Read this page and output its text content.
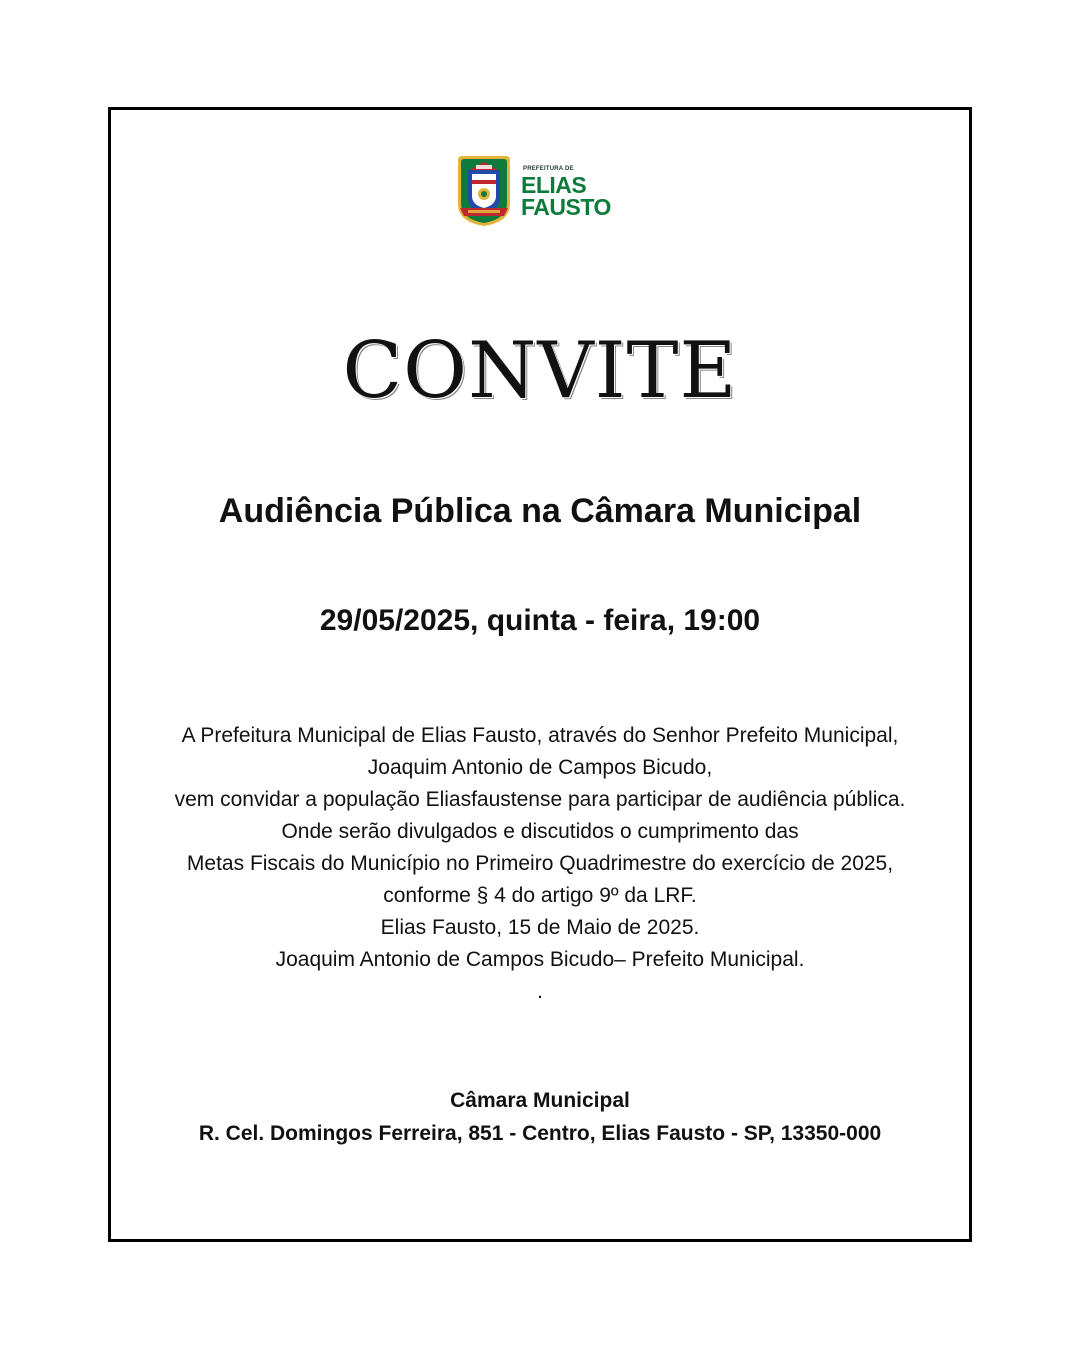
PREFEITURA DE
ELIAS
FAUSTO
CONVITE
Audiência Pública na Câmara Municipal
29/05/2025, quinta - feira, 19:00

A Prefeitura Municipal de Elias Fausto, através do Senhor Prefeito Municipal,

Joaquim Antonio de Campos Bicudo,

vem convidar a população Eliasfaustense para participar de audiência pública.

Onde serão divulgados e discutidos o cumprimento das

Metas Fiscais do Município no Primeiro Quadrimestre do exercício de 2025,

conforme § 4 do artigo 9º da LRF.

Elias Fausto, 15 de Maio de 2025.

Joaquim Antonio de Campos Bicudo– Prefeito Municipal.

.

Câmara Municipal

R. Cel. Domingos Ferreira, 851 - Centro, Elias Fausto - SP, 13350-000
